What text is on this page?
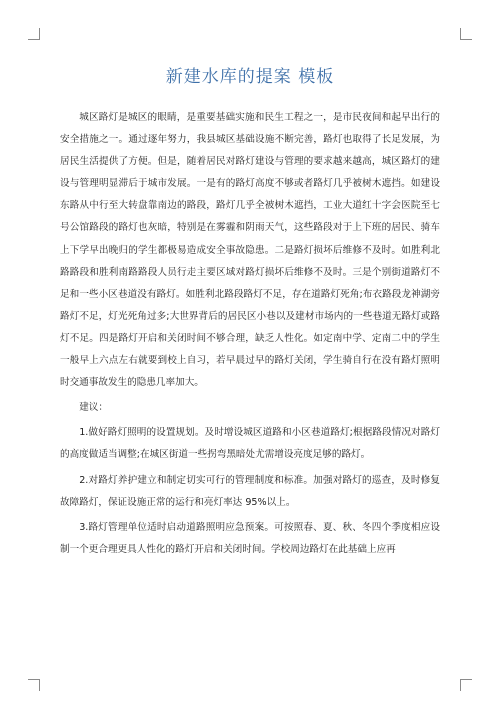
新建水库的提案 模板

城区路灯是城区的眼睛，是重要基础实施和民生工程之一，是市民夜间和起早出行的安全措施之一。通过逐年努力，我县城区基础设施不断完善，路灯也取得了长足发展，为居民生活提供了方便。但是，随着居民对路灯建设与管理的要求越来越高，城区路灯的建设与管理明显滞后于城市发展。一是有的路灯高度不够或者路灯几乎被树木遮挡。如建设东路从中行至大转盘靠南边的路段，路灯几乎全被树木遮挡，工业大道红十字会医院至七号公馆路段的路灯也灰暗，特别是在雾霾和阴雨天气，这些路段对于上下班的居民、骑车上下学早出晚归的学生都极易造成安全事故隐患。二是路灯损坏后维修不及时。如胜利北路路段和胜利南路路段人员行走主要区域对路灯损坏后维修不及时。三是个别街道路灯不足和一些小区巷道没有路灯。如胜利北路段路灯不足，存在道路灯死角;布衣路段龙神湖旁路灯不足，灯光死角过多;大世界背后的居民区小巷以及建材市场内的一些巷道无路灯或路灯不足。四是路灯开启和关闭时间不够合理，缺乏人性化。如定南中学、定南二中的学生一般早上六点左右就要到校上自习，若早晨过早的路灯关闭，学生骑自行在没有路灯照明时交通事故发生的隐患几率加大。

建议：

1.做好路灯照明的设置规划。及时增设城区道路和小区巷道路灯;根据路段情况对路灯的高度做适当调整;在城区街道一些拐弯黑暗处尤需增设亮度足够的路灯。

2.对路灯养护建立和制定切实可行的管理制度和标准。加强对路灯的巡查，及时修复故障路灯，保证设施正常的运行和亮灯率达 95%以上。

3.路灯管理单位适时启动道路照明应急预案。可按照春、夏、秋、冬四个季度相应设制一个更合理更具人性化的路灯开启和关闭时间。学校周边路灯在此基础上应再
